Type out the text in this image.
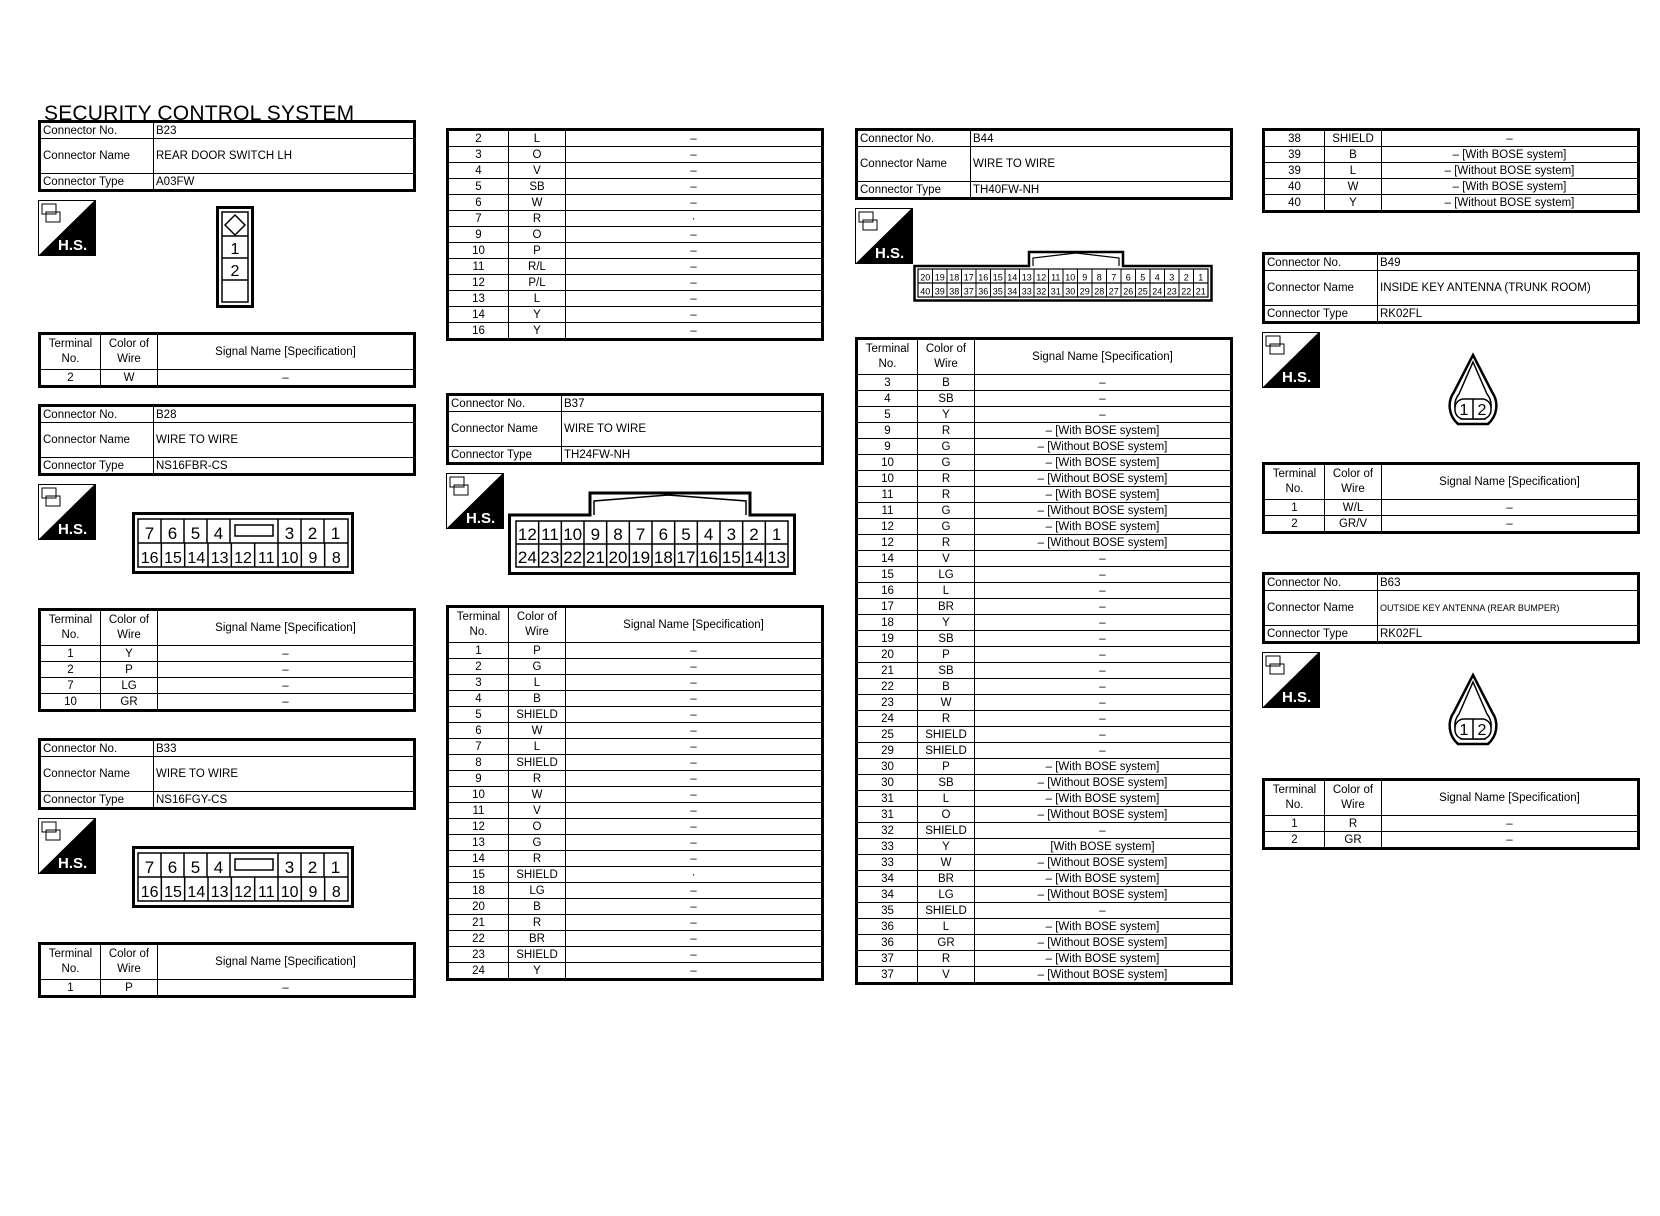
SECURITY CONTROL SYSTEM
Connector No.	B23
Connector Name	REAR DOOR SWITCH LH
Connector Type	A03FW
H.S.	1
2
Terminal No.	Color of Wire	Signal Name [Specification]
2	W	–
Connector No.	B28
Connector Name	WIRE TO WIRE
Connector Type	NS16FBR-CS
H.S.	7 6 5 4	3 2 1
16 15 14 13 12 11 10 9 8
Terminal No.	Color of Wire	Signal Name [Specification]
1	Y	–
2	P	–
7	LG	–
10	GR	–
Connector No.	B33
Connector Name	WIRE TO WIRE
Connector Type	NS16FGY-CS
H.S.	7 6 5 4	3 2 1
16 15 14 13 12 11 10 9 8
Terminal No.	Color of Wire	Signal Name [Specification]
1	P	–
2	L	–
3	O	–
4	V	–
5	SB	–
6	W	–
7	R	·
9	O	–
10	P	–
11	R/L	–
12	P/L	–
13	L	–
14	Y	–
16	Y	–
Connector No.	B37
Connector Name	WIRE TO WIRE
Connector Type	TH24FW-NH
H.S.
12
24
11
23
10
22
9
21
8
20
7
19
6
18
5
17
4
16
3
15
2
14
1
13
Terminal No.	Color of Wire	Signal Name [Specification]
1	P	–
2	G	–
3	L	–
4	B	–
5	SHIELD	–
6	W	–
7	L	–
8	SHIELD	–
9	R	–
10	W	–
11	V	–
12	O	–
13	G	–
14	R	–
15	SHIELD	·
18	LG	–
20	B	–
21	R	–
22	BR	–
23	SHIELD	–
24	Y	–
Connector No.	B44
Connector Name	WIRE TO WIRE
Connector Type	TH40FW-NH
H.S.
20
40
19
39
18
38
17
37
16
36
15
35
14
34
13
33
12
32
11
31
10
30
9
29
8
28
7
27
6
26
5
25
4
24
3
23
2
22
1
21
Terminal No.	Color of Wire	Signal Name [Specification]
3	B	–
4	SB	–
5	Y	–
9	R	– [With BOSE system]
9	G	– [Without BOSE system]
10	G	– [With BOSE system]
10	R	– [Without BOSE system]
11	R	– [With BOSE system]
11	G	– [Without BOSE system]
12	G	– [With BOSE system]
12	R	– [Without BOSE system]
14	V	–
15	LG	–
16	L	–
17	BR	–
18	Y	–
19	SB	–
20	P	–
21	SB	–
22	B	–
23	W	–
24	R	–
25	SHIELD	–
29	SHIELD	–
30	P	– [With BOSE system]
30	SB	– [Without BOSE system]
31	L	– [With BOSE system]
31	O	– [Without BOSE system]
32	SHIELD	–
33	Y	[With BOSE system]
33	W	– [Without BOSE system]
34	BR	– [With BOSE system]
34	LG	– [Without BOSE system]
35	SHIELD	–
36	L	– [With BOSE system]
36	GR	– [Without BOSE system]
37	R	– [With BOSE system]
37	V	– [Without BOSE system]
38	SHIELD	–
39	B	– [With BOSE system]
39	L	– [Without BOSE system]
40	W	– [With BOSE system]
40	Y	– [Without BOSE system]
Connector No.	B49
Connector Name	INSIDE KEY ANTENNA (TRUNK ROOM)
Connector Type	RK02FL
H.S.
1 2
Terminal No.	Color of Wire	Signal Name [Specification]
1	W/L	–
2	GR/V	–
Connector No.	B63
Connector Name	OUTSIDE KEY ANTENNA (REAR BUMPER)
Connector Type	RK02FL
H.S.
1 2
Terminal No.	Color of Wire	Signal Name [Specification]
1	R	–
2	GR	–
